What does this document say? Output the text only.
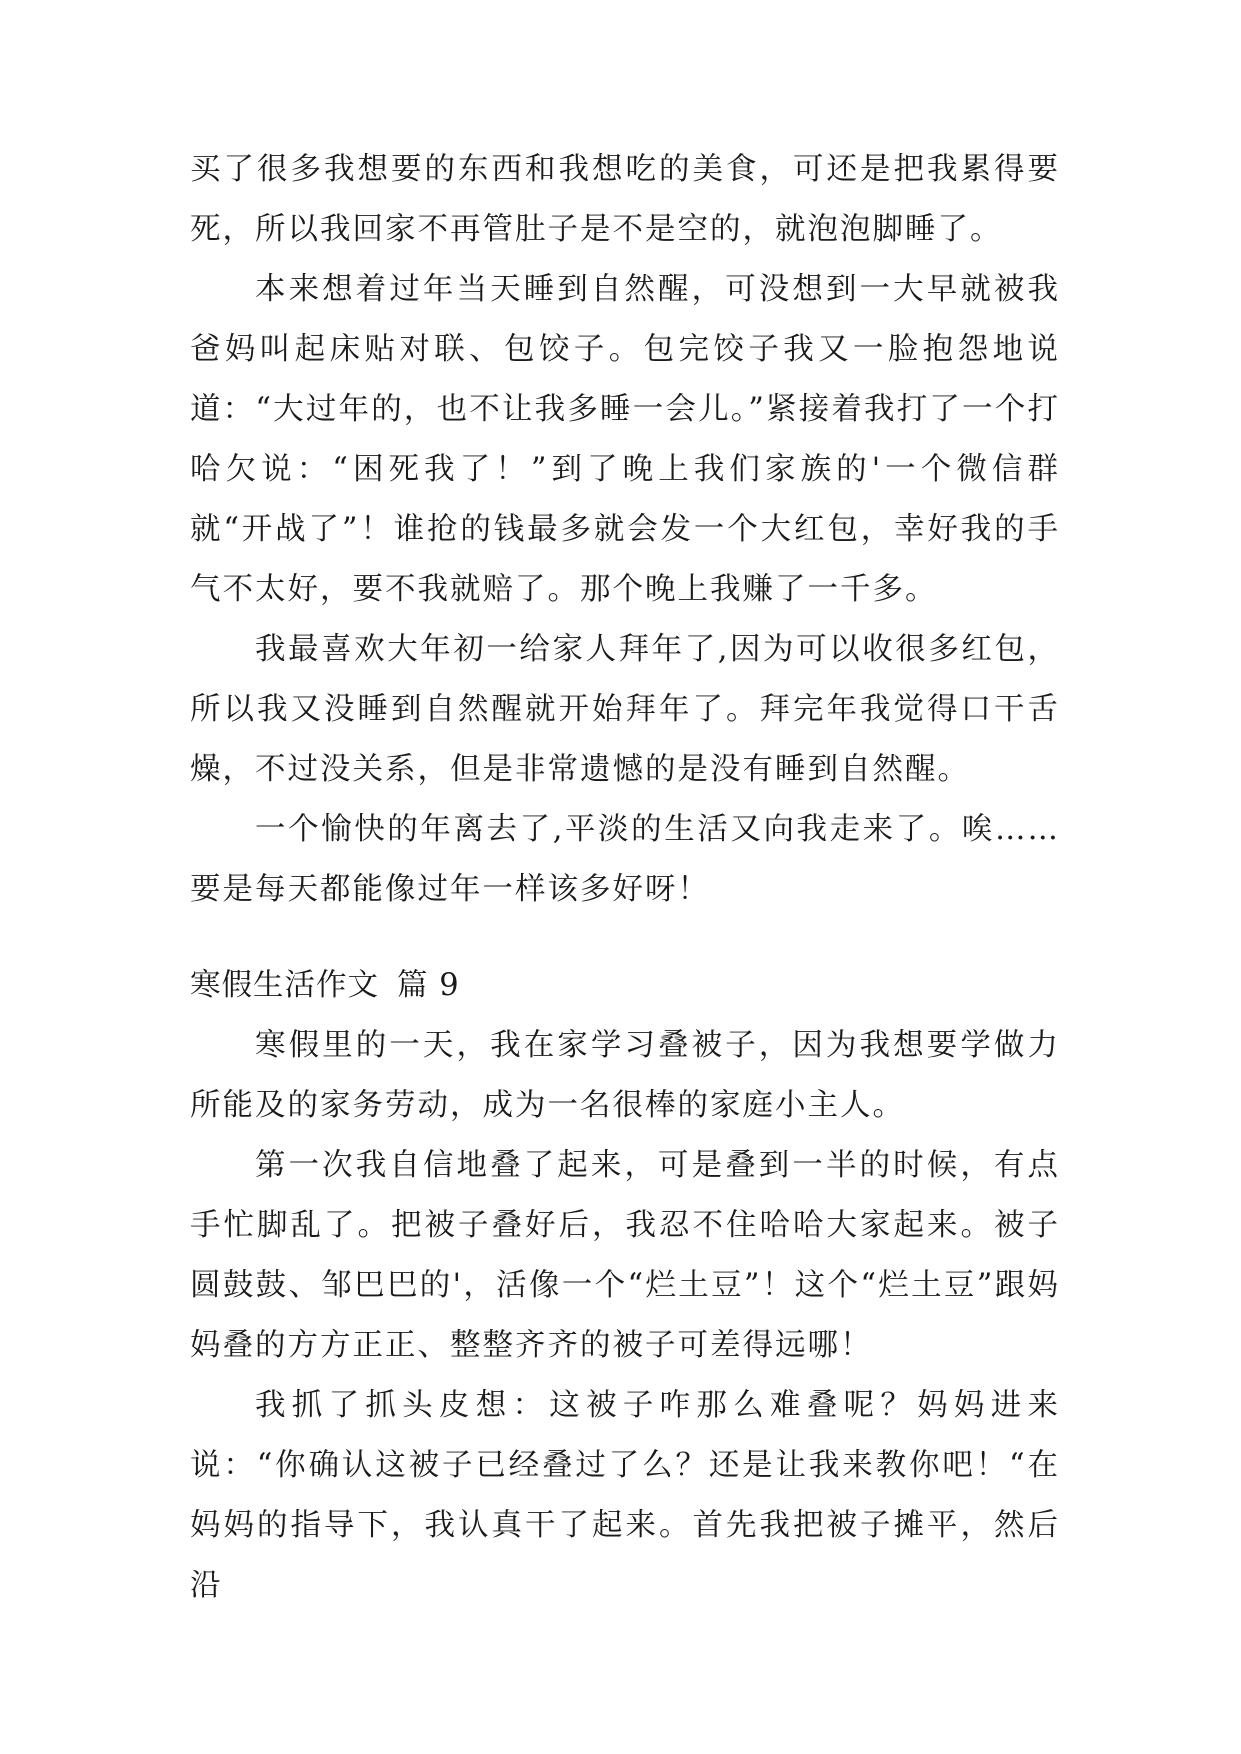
买了很多我想要的东西和我想吃的美食，可还是把我累得要死，所以我回家不再管肚子是不是空的，就泡泡脚睡了。

本来想着过年当天睡到自然醒，可没想到一大早就被我爸妈叫起床贴对联、包饺子。包完饺子我又一脸抱怨地说道：“大过年的，也不让我多睡一会儿。”紧接着我打了一个打哈欠说：“困死我了！”到了晚上我们家族的'一个微信群就“开战了”！谁抢的钱最多就会发一个大红包，幸好我的手气不太好，要不我就赔了。那个晚上我赚了一千多。

我最喜欢大年初一给家人拜年了,因为可以收很多红包，所以我又没睡到自然醒就开始拜年了。拜完年我觉得口干舌燥，不过没关系，但是非常遗憾的是没有睡到自然醒。

一个愉快的年离去了,平淡的生活又向我走来了。唉……要是每天都能像过年一样该多好呀！

寒假生活作文 篇 9

寒假里的一天，我在家学习叠被子，因为我想要学做力所能及的家务劳动，成为一名很棒的家庭小主人。

第一次我自信地叠了起来，可是叠到一半的时候，有点手忙脚乱了。把被子叠好后，我忍不住哈哈大家起来。被子圆鼓鼓、邹巴巴的'，活像一个“烂土豆”！这个“烂土豆”跟妈妈叠的方方正正、整整齐齐的被子可差得远哪！

我抓了抓头皮想：这被子咋那么难叠呢？妈妈进来说：“你确认这被子已经叠过了么？还是让我来教你吧！“在妈妈的指导下，我认真干了起来。首先我把被子摊平，然后沿
